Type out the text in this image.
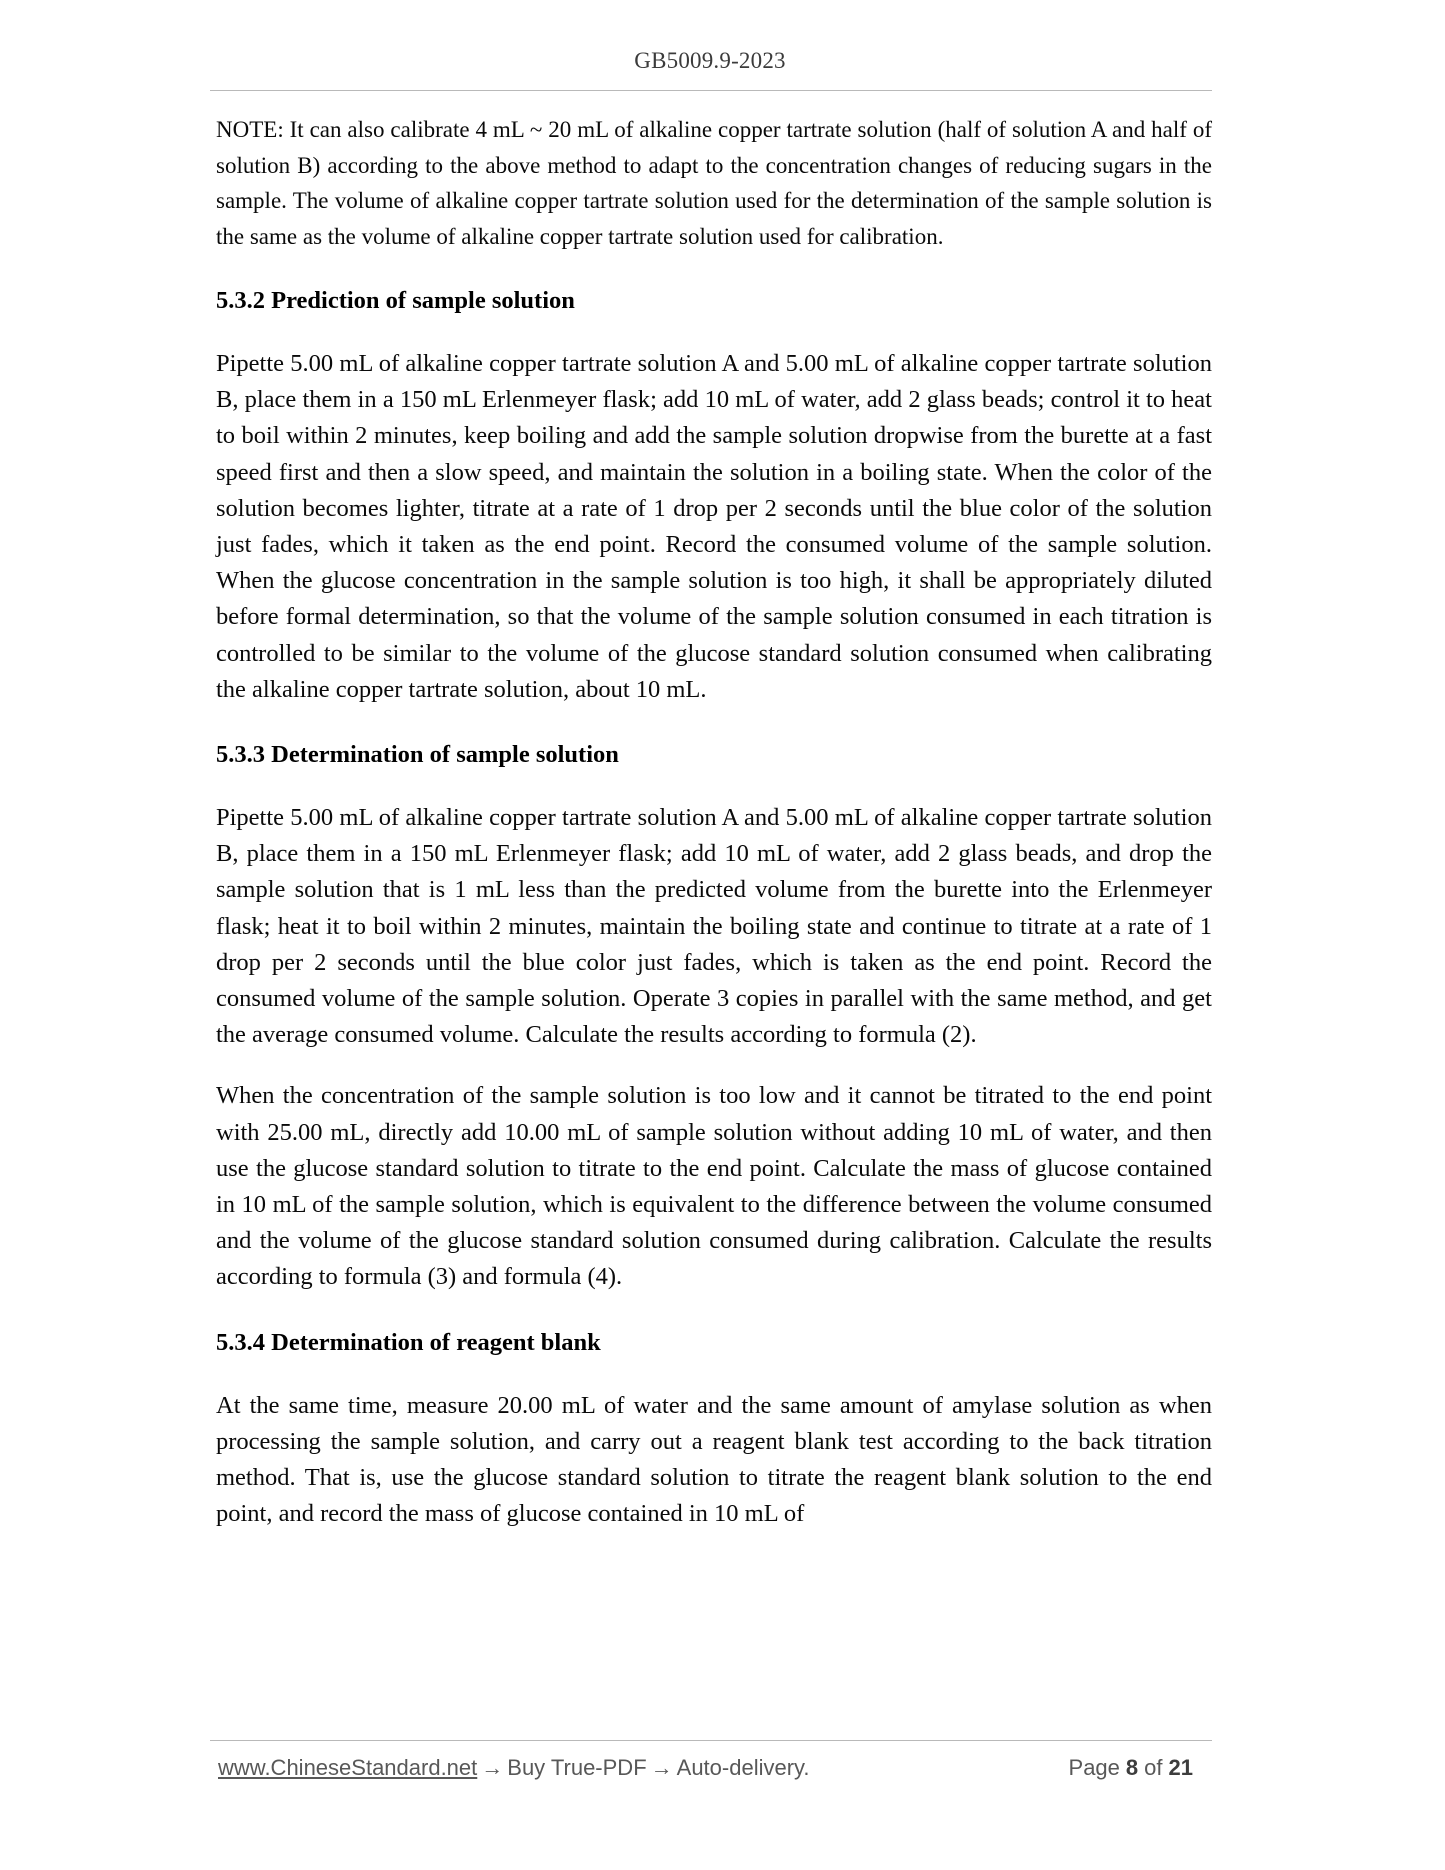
GB5009.9-2023

NOTE: It can also calibrate 4 mL ~ 20 mL of alkaline copper tartrate solution (half of solution A and half of solution B) according to the above method to adapt to the concentration changes of reducing sugars in the sample. The volume of alkaline copper tartrate solution used for the determination of the sample solution is the same as the volume of alkaline copper tartrate solution used for calibration.

5.3.2 Prediction of sample solution

Pipette 5.00 mL of alkaline copper tartrate solution A and 5.00 mL of alkaline copper tartrate solution B, place them in a 150 mL Erlenmeyer flask; add 10 mL of water, add 2 glass beads; control it to heat to boil within 2 minutes, keep boiling and add the sample solution dropwise from the burette at a fast speed first and then a slow speed, and maintain the solution in a boiling state. When the color of the solution becomes lighter, titrate at a rate of 1 drop per 2 seconds until the blue color of the solution just fades, which it taken as the end point. Record the consumed volume of the sample solution. When the glucose concentration in the sample solution is too high, it shall be appropriately diluted before formal determination, so that the volume of the sample solution consumed in each titration is controlled to be similar to the volume of the glucose standard solution consumed when calibrating the alkaline copper tartrate solution, about 10 mL.

5.3.3 Determination of sample solution

Pipette 5.00 mL of alkaline copper tartrate solution A and 5.00 mL of alkaline copper tartrate solution B, place them in a 150 mL Erlenmeyer flask; add 10 mL of water, add 2 glass beads, and drop the sample solution that is 1 mL less than the predicted volume from the burette into the Erlenmeyer flask; heat it to boil within 2 minutes, maintain the boiling state and continue to titrate at a rate of 1 drop per 2 seconds until the blue color just fades, which is taken as the end point. Record the consumed volume of the sample solution. Operate 3 copies in parallel with the same method, and get the average consumed volume. Calculate the results according to formula (2).

When the concentration of the sample solution is too low and it cannot be titrated to the end point with 25.00 mL, directly add 10.00 mL of sample solution without adding 10 mL of water, and then use the glucose standard solution to titrate to the end point. Calculate the mass of glucose contained in 10 mL of the sample solution, which is equivalent to the difference between the volume consumed and the volume of the glucose standard solution consumed during calibration. Calculate the results according to formula (3) and formula (4).

5.3.4 Determination of reagent blank

At the same time, measure 20.00 mL of water and the same amount of amylase solution as when processing the sample solution, and carry out a reagent blank test according to the back titration method. That is, use the glucose standard solution to titrate the reagent blank solution to the end point, and record the mass of glucose contained in 10 mL of

www.ChineseStandard.net → Buy True-PDF → Auto-delivery.	Page 8 of 21
